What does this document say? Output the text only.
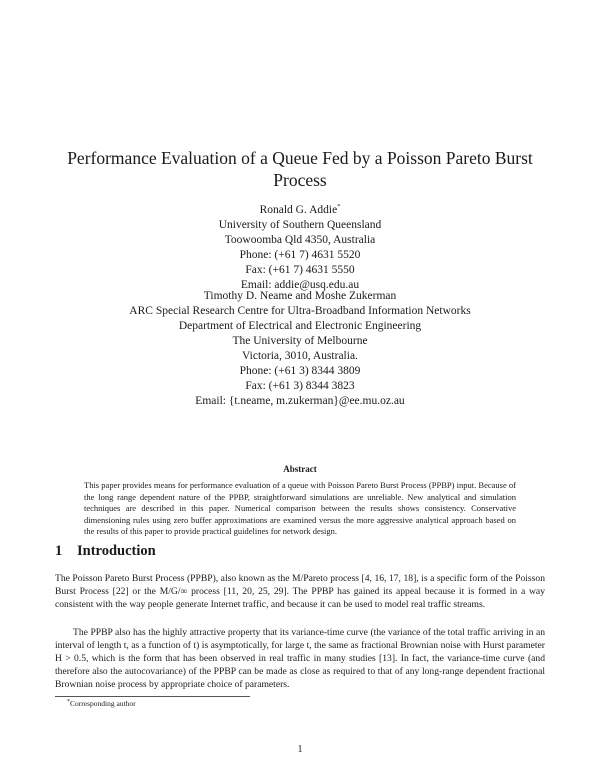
Performance Evaluation of a Queue Fed by a Poisson Pareto Burst
Process
Ronald G. Addie*
University of Southern Queensland
Toowoomba Qld 4350, Australia
Phone: (+61 7) 4631 5520
Fax: (+61 7) 4631 5550
Email: addie@usq.edu.au
Timothy D. Neame and Moshe Zukerman
ARC Special Research Centre for Ultra-Broadband Information Networks
Department of Electrical and Electronic Engineering
The University of Melbourne
Victoria, 3010, Australia.
Phone: (+61 3) 8344 3809
Fax: (+61 3) 8344 3823
Email: {t.neame, m.zukerman}@ee.mu.oz.au
Abstract
This paper provides means for performance evaluation of a queue with Poisson Pareto Burst Process (PPBP) input. Because of the long range dependent nature of the PPBP, straightforward simulations are unreliable. New analytical and simulation techniques are described in this paper. Numerical comparison between the results shows consistency. Conservative dimensioning rules using zero buffer approximations are examined versus the more aggressive analytical approach based on the results of this paper to provide practical guidelines for network design.
1 Introduction

The Poisson Pareto Burst Process (PPBP), also known as the M/Pareto process [4, 16, 17, 18], is a specific form of the Poisson Burst Process [22] or the M/G/∞ process [11, 20, 25, 29]. The PPBP has gained its appeal because it is formed in a way consistent with the way people generate Internet traffic, and because it can be used to model real traffic streams.

The PPBP also has the highly attractive property that its variance-time curve (the variance of the total traffic arriving in an interval of length t, as a function of t) is asymptotically, for large t, the same as fractional Brownian noise with Hurst parameter H > 0.5, which is the form that has been observed in real traffic in many studies [13]. In fact, the variance-time curve (and therefore also the autocovariance) of the PPBP can be made as close as required to that of any long-range dependent fractional Brownian noise process by appropriate choice of parameters.

*Corresponding author
1
